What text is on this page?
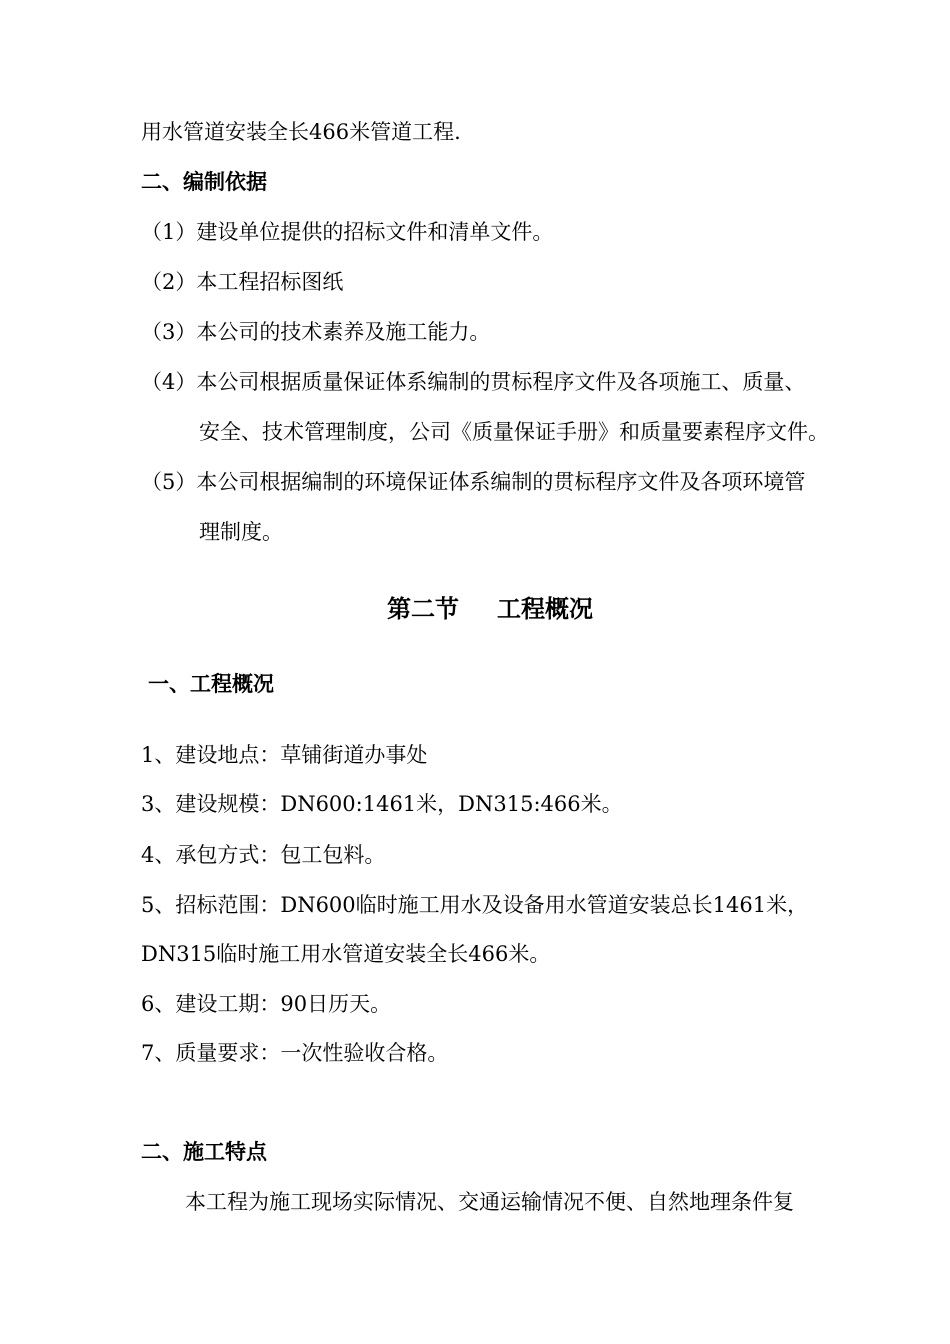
用水管道安装全长466米管道工程.
二、编制依据
（1）建设单位提供的招标文件和清单文件。
（2）本工程招标图纸
（3）本公司的技术素养及施工能力。
（4）本公司根据质量保证体系编制的贯标程序文件及各项施工、质量、
安全、技术管理制度，公司《质量保证手册》和质量要素程序文件。
（5）本公司根据编制的环境保证体系编制的贯标程序文件及各项环境管
理制度。
第二节 工程概况
一、工程概况
1、建设地点：草铺街道办事处
3、建设规模：DN600:1461米，DN315:466米。
4、承包方式：包工包料。
5、招标范围：DN600临时施工用水及设备用水管道安装总长1461米，
DN315临时施工用水管道安装全长466米。
6、建设工期：90日历天。
7、质量要求：一次性验收合格。
二、施工特点
本工程为施工现场实际情况、交通运输情况不便、自然地理条件复
